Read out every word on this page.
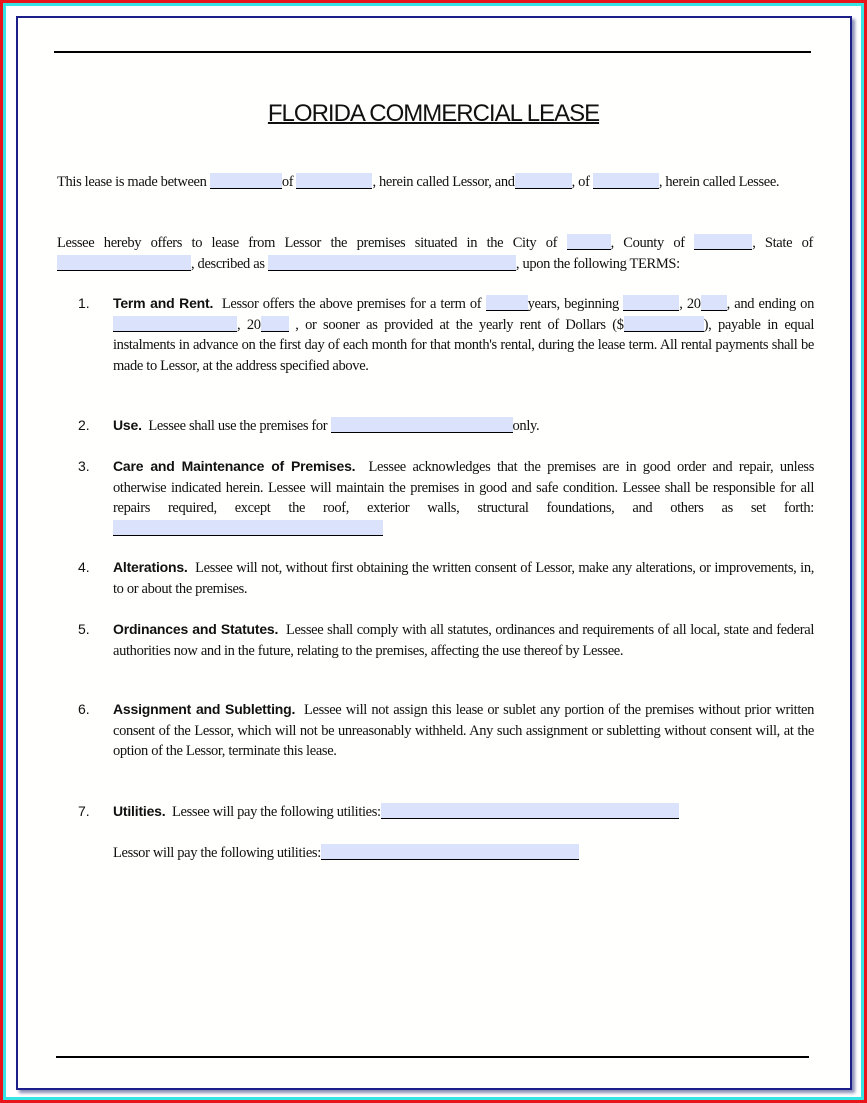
FLORIDA COMMERCIAL LEASE
This lease is made between	of	, herein called Lessor, and	, of	, herein called Lessee.
Lessee hereby offers to lease from Lessor the premises situated in the City of	, County of	, State of , described as	, upon the following TERMS:
1. Term and Rent. Lessor offers the above premises for a term of	years, beginning	, 20 , and ending on , 20 , or sooner as provided at the yearly rent of Dollars ($	), payable in equal instalments in advance on the first day of each month for that month's rental, during the lease term. All rental payments shall be made to Lessor, at the address specified above.
2. Use. Lessee shall use the premises for	only.
3. Care and Maintenance of Premises. Lessee acknowledges that the premises are in good order and repair, unless otherwise indicated herein. Lessee will maintain the premises in good and safe condition. Lessee shall be responsible for all repairs required, except the roof, exterior walls, structural foundations, and others as set forth:
4. Alterations. Lessee will not, without first obtaining the written consent of Lessor, make any alterations, or improvements, in, to or about the premises.
5. Ordinances and Statutes. Lessee shall comply with all statutes, ordinances and requirements of all local, state and federal authorities now and in the future, relating to the premises, affecting the use thereof by Lessee.
6. Assignment and Subletting. Lessee will not assign this lease or sublet any portion of the premises without prior written consent of the Lessor, which will not be unreasonably withheld. Any such assignment or subletting without consent will, at the option of the Lessor, terminate this lease.
7. Utilities. Lessee will pay the following utilities:
Lessor will pay the following utilities:
